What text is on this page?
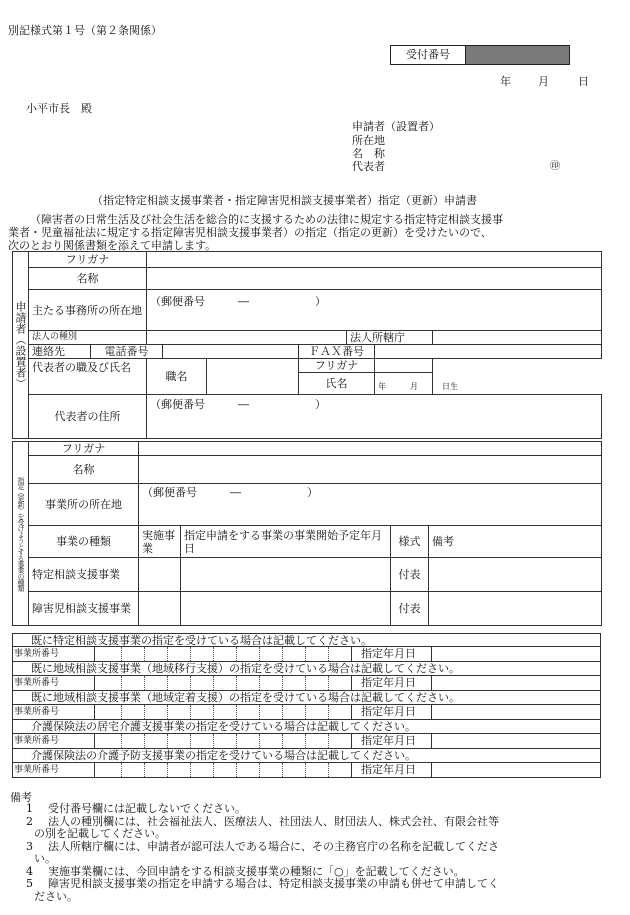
別記様式第１号（第２条関係）
受付番号
年 月	日
小平市長　殿
申請者（設置者）
所在地
名　称
代表者	㊞
（指定特定相談支援事業者・指定障害児相談支援事業者）指定（更新）申請書
（障害者の日常生活及び社会生活を総合的に支援するための法律に規定する指定特定相談支援事
業者・児童福祉法に規定する指定障害児相談支援事業者）の指定（指定の更新）を受けたいので、
次のとおり関係書類を添えて申請します。
申請者（設置者）	フリガナ								
	名称								
	主たる事務所の所在地		（郵便番号　　　―　　　　　　）						
	法人の種別						法人所轄庁		
	連絡先	電話番号				ＦＡＸ番号			
	代表者の職及び氏名		職名			フリガナ			
						氏名		年　　　 月　　　 日生	
	代表者の住所		（郵便番号　　　―　　　　　　）						
指定（更新）を受けようとする事業の種類	フリガナ				
	名称				
	事業所の所在地	（郵便番号　　　―　　　　　　）			
	事業の種類	実施事業	指定申請をする事業の事業開始予定年月日	様式	備考
	特定相談支援事業			付表	
	障害児相談支援事業			付表	
既に特定相談支援事業の指定を受けている場合は記載してください。
事業所番号	指定年月日
既に地域相談支援事業（地域移行支援）の指定を受けている場合は記載してください。
事業所番号	指定年月日
既に地域相談支援事業（地域定着支援）の指定を受けている場合は記載してください。
事業所番号	指定年月日
介護保険法の居宅介護支援事業の指定を受けている場合は記載してください。
事業所番号	指定年月日
介護保険法の介護予防支援事業の指定を受けている場合は記載してください。
事業所番号	指定年月日
備考
1	受付番号欄には記載しないでください。
2	法人の種別欄には、社会福祉法人、医療法人、社団法人、財団法人、株式会社、有限会社等
の別を記載してください。
3	法人所轄庁欄には、申請者が認可法人である場合に、その主務官庁の名称を記載してくださ
い。
4	実施事業欄には、今回申請をする相談支援事業の種類に「○」を記載してください。
5	障害児相談支援事業の指定を申請する場合は、特定相談支援事業の申請も併せて申請してく
ださい。
